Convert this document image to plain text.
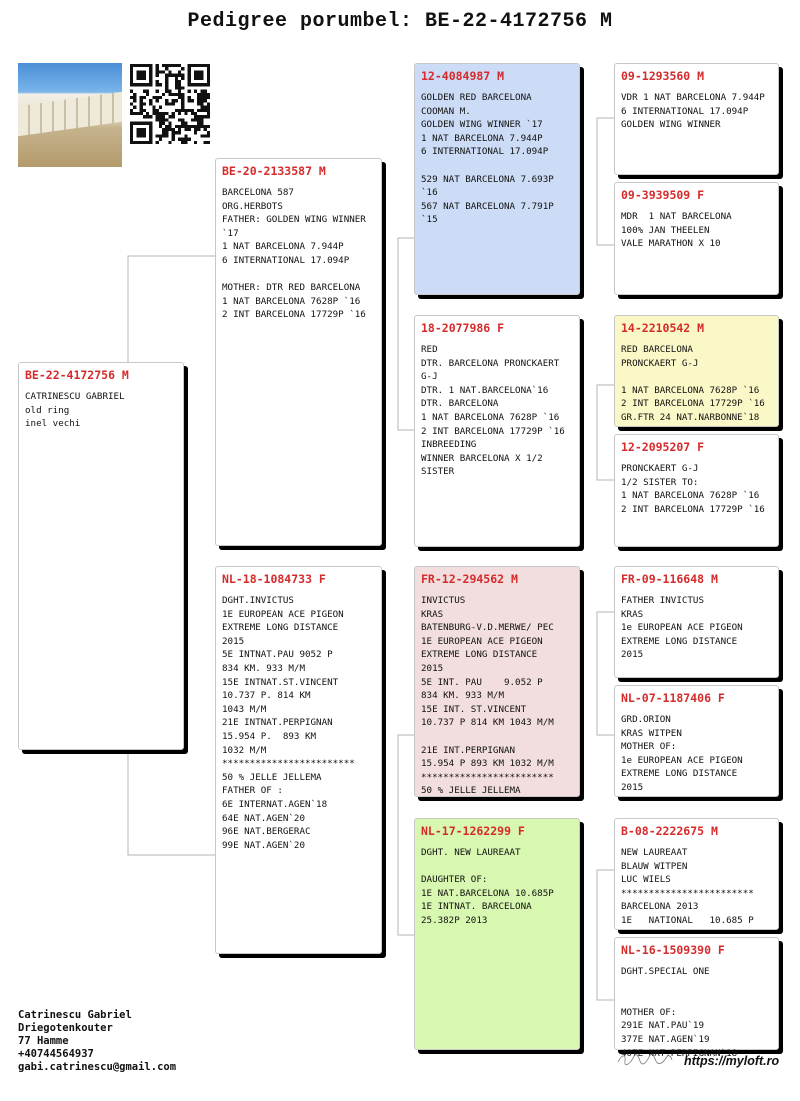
Pedigree porumbel: BE-22-4172756 M
BE-22-4172756 M
CATRINESCU GABRIEL
old ring
inel vechi
BE-20-2133587 M
BARCELONA 587
ORG.HERBOTS
FATHER: GOLDEN WING WINNER
`17
1 NAT BARCELONA 7.944P
6 INTERNATIONAL 17.094P

MOTHER: DTR RED BARCELONA
1 NAT BARCELONA 7628P `16
2 INT BARCELONA 17729P `16
NL-18-1084733 F
DGHT.INVICTUS
1E EUROPEAN ACE PIGEON
EXTREME LONG DISTANCE
2015
5E INTNAT.PAU 9052 P
834 KM. 933 M/M
15E INTNAT.ST.VINCENT
10.737 P. 814 KM
1043 M/M
21E INTNAT.PERPIGNAN
15.954 P.  893 KM
1032 M/M
************************
50 % JELLE JELLEMA
FATHER OF :
6E INTERNAT.AGEN`18
64E NAT.AGEN`20
96E NAT.BERGERAC
99E NAT.AGEN`20
12-4084987 M
GOLDEN RED BARCELONA
COOMAN M.
GOLDEN WING WINNER `17
1 NAT BARCELONA 7.944P
6 INTERNATIONAL 17.094P

529 NAT BARCELONA 7.693P
`16
567 NAT BARCELONA 7.791P
`15
18-2077986 F
RED
DTR. BARCELONA PRONCKAERT
G-J
DTR. 1 NAT.BARCELONA`16
DTR. BARCELONA
1 NAT BARCELONA 7628P `16
2 INT BARCELONA 17729P `16
INBREEDING
WINNER BARCELONA X 1/2
SISTER
FR-12-294562 M
INVICTUS
KRAS
BATENBURG-V.D.MERWE/ PEC
1E EUROPEAN ACE PIGEON
EXTREME LONG DISTANCE
2015
5E INT. PAU    9.052 P
834 KM. 933 M/M
15E INT. ST.VINCENT
10.737 P 814 KM 1043 M/M

21E INT.PERPIGNAN
15.954 P 893 KM 1032 M/M
************************
50 % JELLE JELLEMA
NL-17-1262299 F
DGHT. NEW LAUREAAT

DAUGHTER OF:
1E NAT.BARCELONA 10.685P
1E INTNAT. BARCELONA
25.382P 2013
09-1293560 M
VDR 1 NAT BARCELONA 7.944P
6 INTERNATIONAL 17.094P
GOLDEN WING WINNER
09-3939509 F
MDR  1 NAT BARCELONA
100% JAN THEELEN
VALE MARATHON X 10
14-2210542 M
RED BARCELONA
PRONCKAERT G-J

1 NAT BARCELONA 7628P `16
2 INT BARCELONA 17729P `16
GR.FTR 24 NAT.NARBONNE`18
12-2095207 F
PRONCKAERT G-J
1/2 SISTER TO:
1 NAT BARCELONA 7628P `16
2 INT BARCELONA 17729P `16
FR-09-116648 M
FATHER INVICTUS
KRAS
1e EUROPEAN ACE PIGEON
EXTREME LONG DISTANCE
2015
NL-07-1187406 F
GRD.ORION
KRAS WITPEN
MOTHER OF:
1e EUROPEAN ACE PIGEON
EXTREME LONG DISTANCE
2015
B-08-2222675 M
NEW LAUREAAT
BLAUW WITPEN
LUC WIELS
************************
BARCELONA 2013
1E   NATIONAL   10.685 P
NL-16-1509390 F
DGHT.SPECIAL ONE

MOTHER OF:
291E NAT.PAU`19
377E NAT.AGEN`19
407E NAT.PERPIGNAN`18
Catrinescu Gabriel
Driegotenkouter
77 Hamme
+40744564937
gabi.catrinescu@gmail.com	https://myloft.ro
